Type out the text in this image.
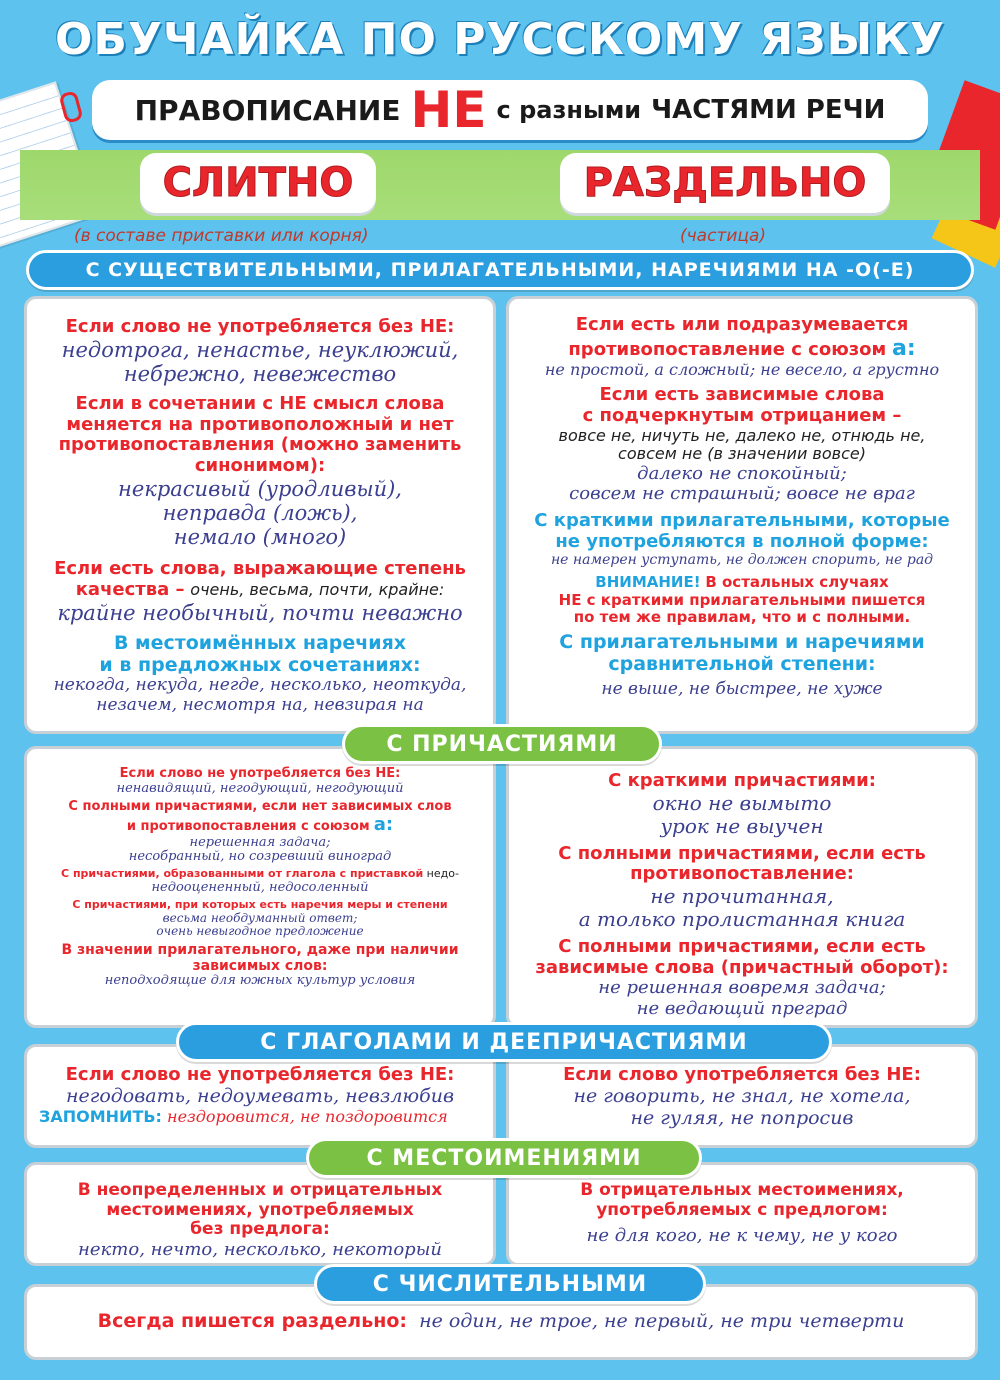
ОБУЧАЙКА ПО РУССКОМУ ЯЗЫКУ
ПРАВОПИСАНИЕ НЕ с разными ЧАСТЯМИ РЕЧИ
СЛИТНО	РАЗДЕЛЬНО
(в составе приставки или корня)	(частица)
С СУЩЕСТВИТЕЛЬНЫМИ, ПРИЛАГАТЕЛЬНЫМИ, НАРЕЧИЯМИ НА -О(-Е)
Если слово не употребляется без НЕ:
недотрога, ненастье, неуклюжий,
небрежно, невежество
Если в сочетании с НЕ смысл слова
меняется на противоположный и нет
противопоставления (можно заменить
синонимом):
некрасивый (уродливый),
неправда (ложь),
немало (много)
Если есть слова, выражающие степень
качества – очень, весьма, почти, крайне:
крайне необычный, почти неважно
В местоимённых наречиях
и в предложных сочетаниях:
некогда, некуда, негде, несколько, неоткуда,
незачем, несмотря на, невзирая на
Если есть или подразумевается
противопоставление с союзом а:
не простой, а сложный; не весело, а грустно
Если есть зависимые слова
с подчеркнутым отрицанием –
вовсе не, ничуть не, далеко не, отнюдь не,
совсем не (в значении вовсе)
далеко не спокойный;
совсем не страшный; вовсе не враг
С краткими прилагательными, которые
не употребляются в полной форме:
не намерен уступать, не должен спорить, не рад
ВНИМАНИЕ! В остальных случаях
НЕ с краткими прилагательными пишется
по тем же правилам, что и с полными.
С прилагательными и наречиями
сравнительной степени:
не выше, не быстрее, не хуже
С ПРИЧАСТИЯМИ
Если слово не употребляется без НЕ:
ненавидящий, негодующий, негодующий
С полными причастиями, если нет зависимых слов
и противопоставления с союзом а:
нерешенная задача;
несобранный, но созревший виноград
С причастиями, образованными от глагола с приставкой недо-
недооцененный, недосоленный
С причастиями, при которых есть наречия меры и степени
весьма необдуманный ответ;
очень невыгодное предложение
В значении прилагательного, даже при наличии
зависимых слов:
неподходящие для южных культур условия
С краткими причастиями:
окно не вымыто
урок не выучен
С полными причастиями, если есть
противопоставление:
не прочитанная,
а только пролистанная книга
С полными причастиями, если есть
зависимые слова (причастный оборот):
не решенная вовремя задача;
не ведающий преград
С ГЛАГОЛАМИ И ДЕЕПРИЧАСТИЯМИ
Если слово не употребляется без НЕ:
негодовать, недоумевать, невзлюбив
ЗАПОМНИТЬ: нездоровится, не поздоровится
Если слово употребляется без НЕ:
не говорить, не знал, не хотела,
не гуляя, не попросив
С МЕСТОИМЕНИЯМИ
В неопределенных и отрицательных
местоимениях, употребляемых
без предлога:
некто, нечто, несколько, некоторый
В отрицательных местоимениях,
употребляемых с предлогом:
не для кого, не к чему, не у кого
С ЧИСЛИТЕЛЬНЫМИ
Всегда пишется раздельно: не один, не трое, не первый, не три четверти
